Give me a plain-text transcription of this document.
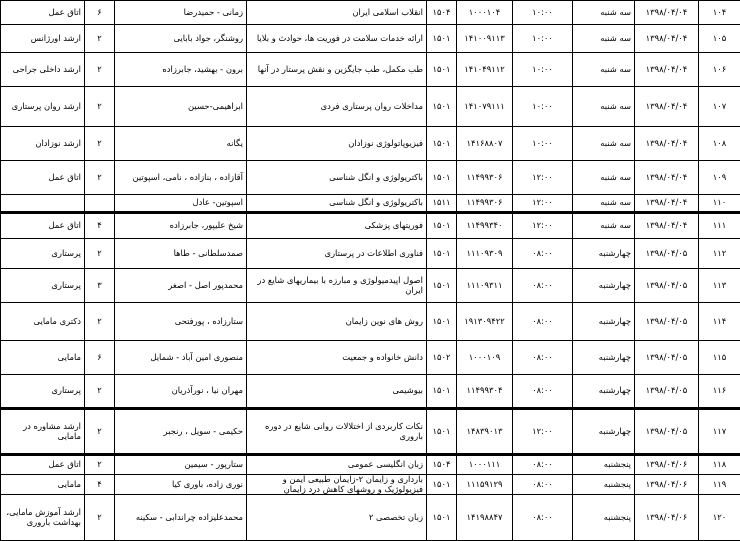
۱۰۴	۱۳۹۸/۰۴/۰۴	سه شنبه	۱۰:۰۰	۱۰۰۰۱۰۴	۱۵۰۴	انقلاب اسلامی ایران	زمانی - حمیدرضا	۶	اتاق عمل
۱۰۵	۱۳۹۸/۰۴/۰۴	سه شنبه	۱۰:۰۰	۱۴۱۰۰۹۱۱۳	۱۵۰۱	ارائه خدمات سلامت در فوریت ها، حوادث و بلایا	روشنگر، جواد بابایی	۲	ارشد اورژانس
۱۰۶	۱۳۹۸/۰۴/۰۴	سه شنبه	۱۰:۰۰	۱۴۱۰۴۹۱۱۲	۱۵۰۱	طب مکمل، طب جایگزین و نقش پرستار در آنها	برون - بهشید، جابرزاده	۲	ارشد داخلی جراحی
۱۰۷	۱۳۹۸/۰۴/۰۴	سه شنبه	۱۰:۰۰	۱۴۱۰۷۹۱۱۱	۱۵۰۱	مداخلات روان پرستاری فردی	ابراهیمی-حسین	۲	ارشد روان پرستاری
۱۰۸	۱۳۹۸/۰۴/۰۴	سه شنبه	۱۰:۰۰	۱۴۱۶۸۸۰۷	۱۵۰۱	فیزیوپاتولوژی نوزادان	یگانه	۲	ارشد نوزادان
۱۰۹	۱۳۹۸/۰۴/۰۴	سه شنبه	۱۲:۰۰	۱۱۴۹۹۳۰۶	۱۵۰۱	باکتریولوژی و انگل شناسی	آقازاده ، بنازاده ، نامی، اسپوتین	۲	اتاق عمل
۱۱۰	۱۳۹۸/۰۴/۰۴	سه شنبه	۱۲:۰۰	۱۱۴۹۹۳۰۶	۱۵۱۱	باکتریولوژی و انگل شناسی	اسپوتین- عادل		
۱۱۱	۱۳۹۸/۰۴/۰۴	سه شنبه	۱۲:۰۰	۱۱۴۹۹۳۴۰	۱۵۰۱	فوریتهای پزشکی	شیخ علیپور، جابرزاده	۴	اتاق عمل
۱۱۲	۱۳۹۸/۰۴/۰۵	چهارشنبه	۰۸:۰۰	۱۱۱۰۹۳۰۹	۱۵۰۱	فناوری اطلاعات در پرستاری	صمدسلطانی - طاها	۲	پرستاری
۱۱۳	۱۳۹۸/۰۴/۰۵	چهارشنبه	۰۸:۰۰	۱۱۱۰۹۳۱۱	۱۵۰۱	اصول اپیدمیولوژی و مبارزه با بیماریهای شایع در ایران	محمدپور اصل - اصغر	۳	پرستاری
۱۱۴	۱۳۹۸/۰۴/۰۵	چهارشنبه	۰۸:۰۰	۱۹۱۳۰۹۴۲۲	۱۵۰۱	روش های نوین زایمان	ستارزاده ، پورفتحی	۲	دکتری مامایی
۱۱۵	۱۳۹۸/۰۴/۰۵	چهارشنبه	۰۸:۰۰	۱۰۰۰۱۰۹	۱۵۰۲	دانش خانواده و جمعیت	منصوری امین آباد - شمایل	۶	مامایی
۱۱۶	۱۳۹۸/۰۴/۰۵	چهارشنبه	۰۸:۰۰	۱۱۴۹۹۳۰۴	۱۵۰۱	بیوشیمی	مهران نیا ، نورآذریان	۲	پرستاری
۱۱۷	۱۳۹۸/۰۴/۰۵	چهارشنبه	۱۲:۰۰	۱۴۸۳۹۰۱۳	۱۵۰۱	نکات کاربردی از اختلالات روانی شایع در دوره باروری	حکیمی - سویل ، رنجبر	۲	ارشد مشاوره در مامایی
۱۱۸	۱۳۹۸/۰۴/۰۶	پنجشنبه	۰۸:۰۰	۱۰۰۰۱۱۱	۱۵۰۴	زبان انگلیسی عمومی	ستارپور - سیمین	۲	اتاق عمل
۱۱۹	۱۳۹۸/۰۴/۰۶	پنجشنبه	۰۸:۰۰	۱۱۱۵۹۱۲۹	۱۵۰۱	بارداری و زایمان ۲-زایمان طبیعی ایمن و فیزیولوژیک و روشهای کاهش درد زایمان	نوری زاده، باوری کیا	۴	مامایی
۱۲۰	۱۳۹۸/۰۴/۰۶	پنجشنبه	۰۸:۰۰	۱۴۱۹۸۸۴۷	۱۵۰۱	زبان تخصصی ۲	محمدعلیزاده چراندابی - سکینه	۲	ارشد آموزش مامایی، بهداشت باروری
